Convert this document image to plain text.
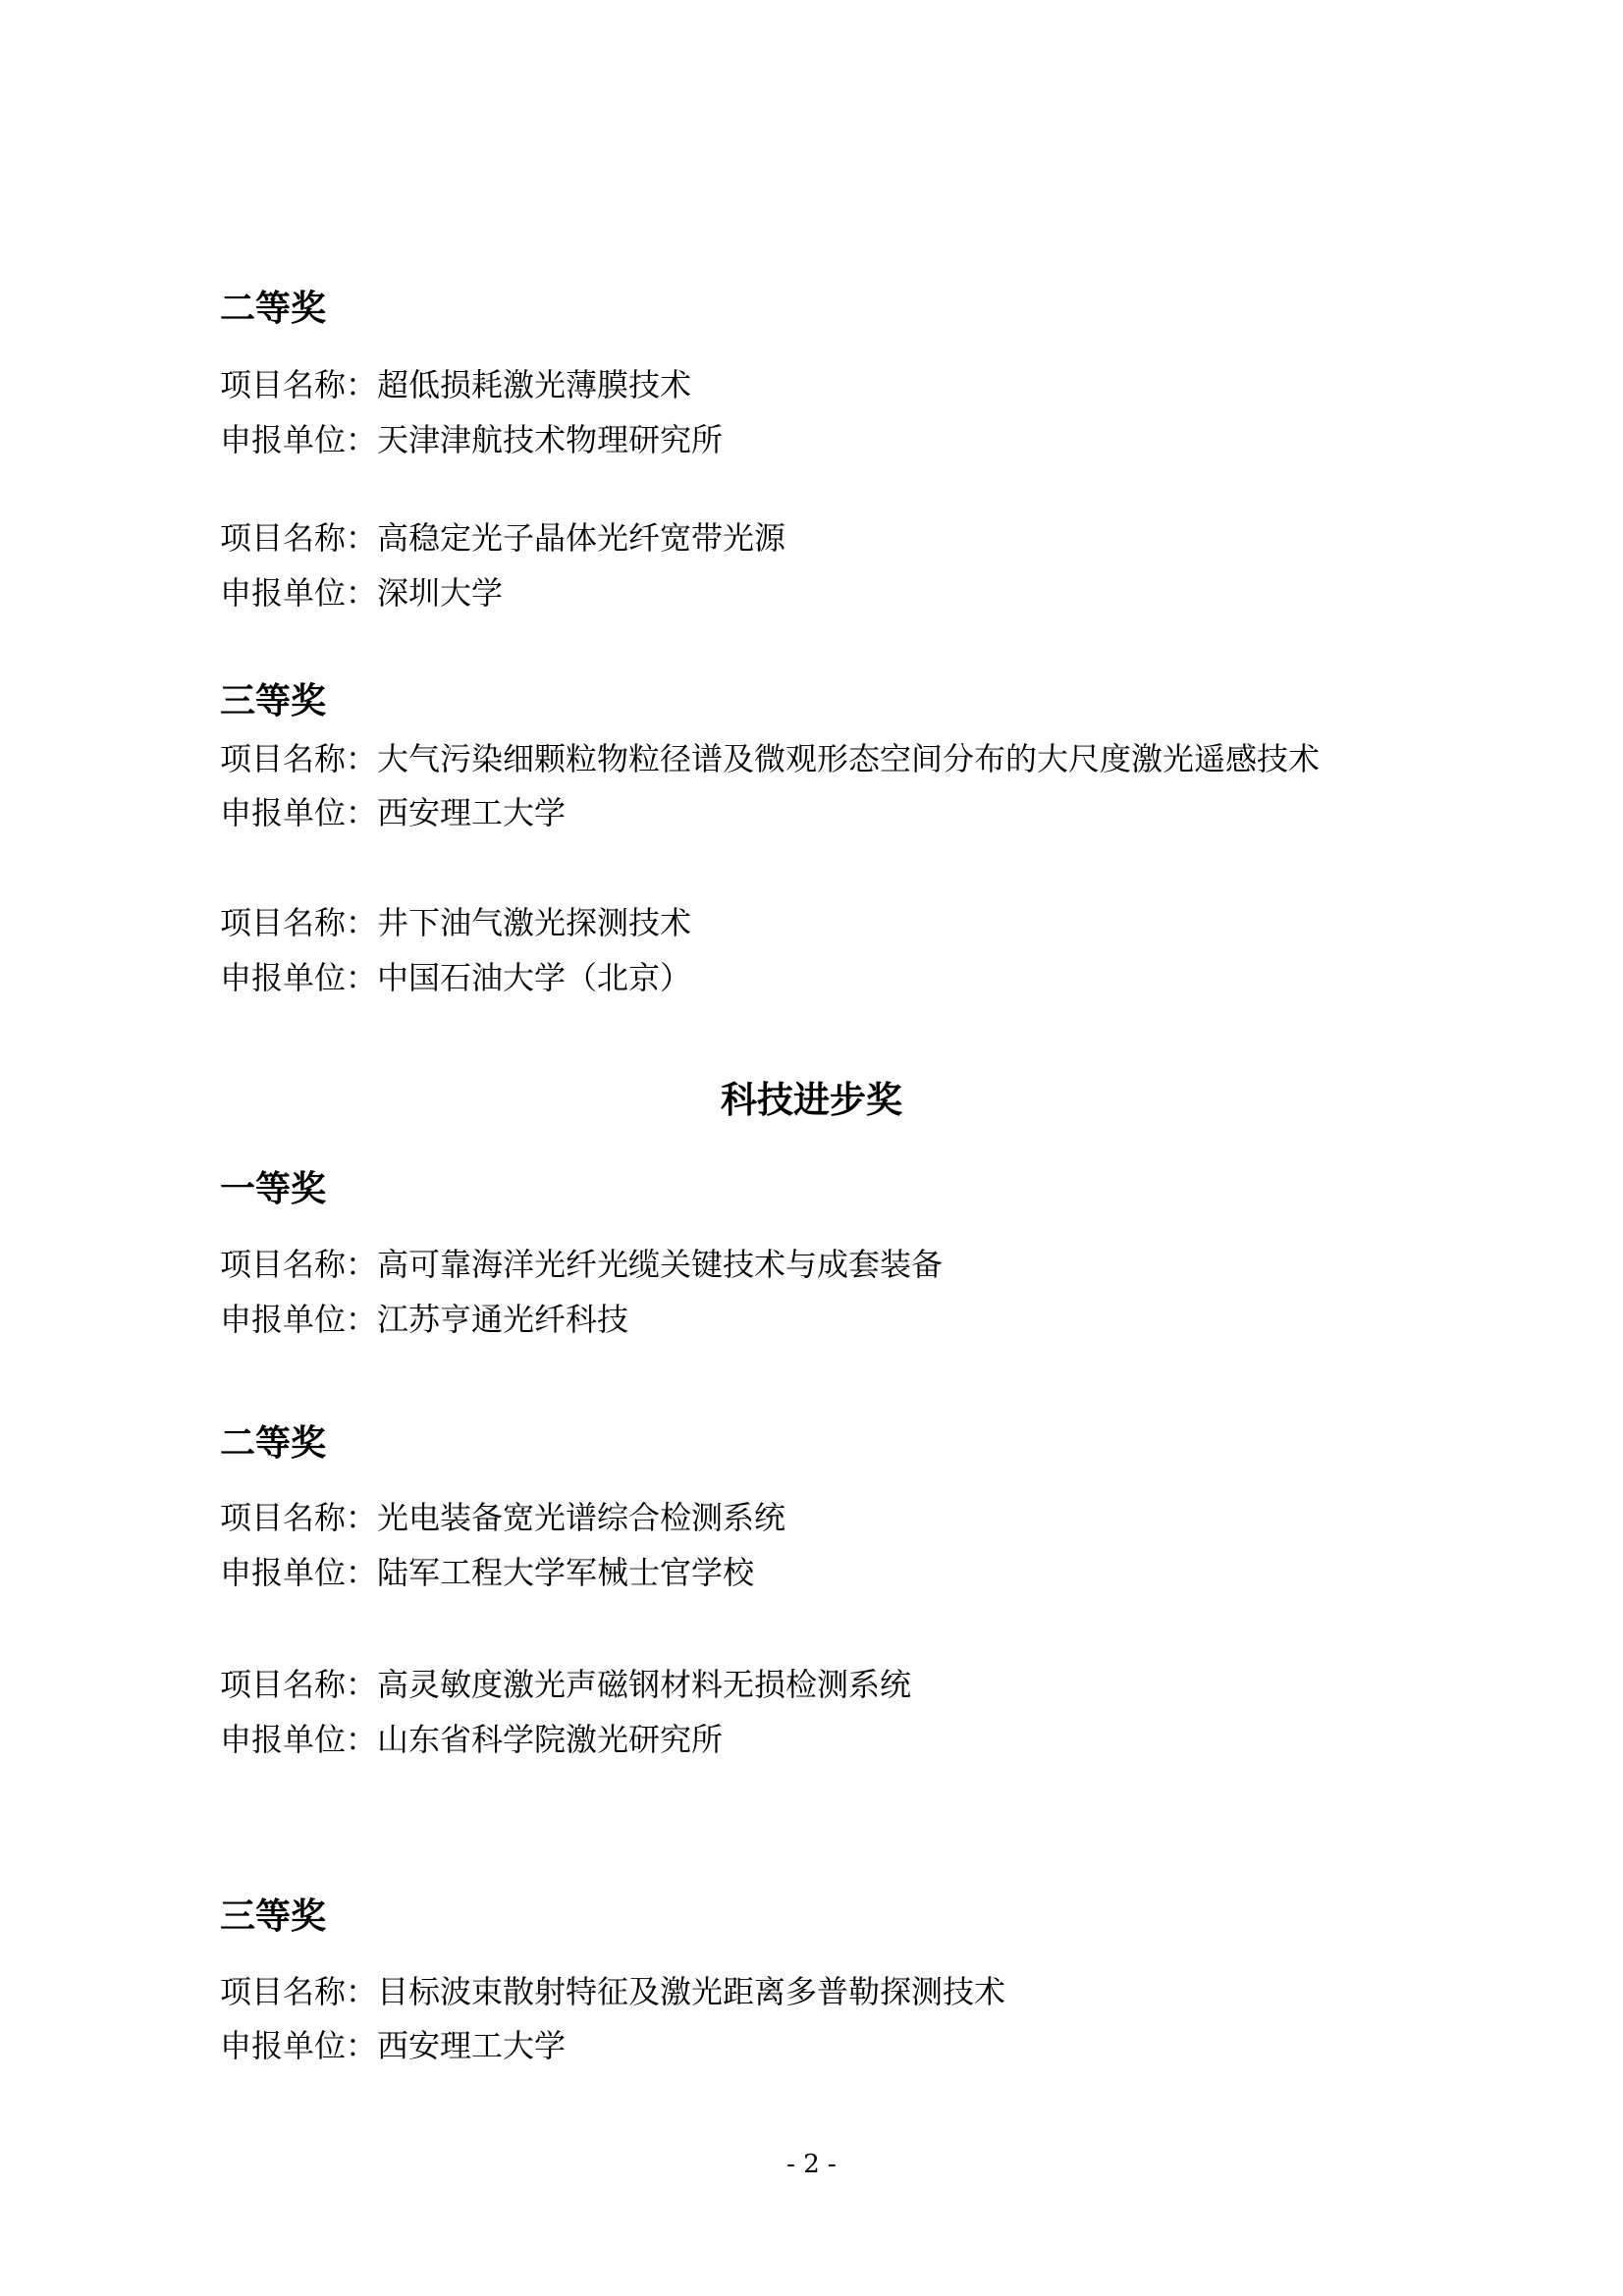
二等奖
项目名称：超低损耗激光薄膜技术
申报单位：天津津航技术物理研究所
项目名称：高稳定光子晶体光纤宽带光源
申报单位：深圳大学
三等奖
项目名称：大气污染细颗粒物粒径谱及微观形态空间分布的大尺度激光遥感技术
申报单位：西安理工大学
项目名称：井下油气激光探测技术
申报单位：中国石油大学（北京）
科技进步奖
一等奖
项目名称：高可靠海洋光纤光缆关键技术与成套装备
申报单位：江苏亨通光纤科技
二等奖
项目名称：光电装备宽光谱综合检测系统
申报单位：陆军工程大学军械士官学校
项目名称：高灵敏度激光声磁钢材料无损检测系统
申报单位：山东省科学院激光研究所
三等奖
项目名称：目标波束散射特征及激光距离多普勒探测技术
申报单位：西安理工大学
- 2 -
